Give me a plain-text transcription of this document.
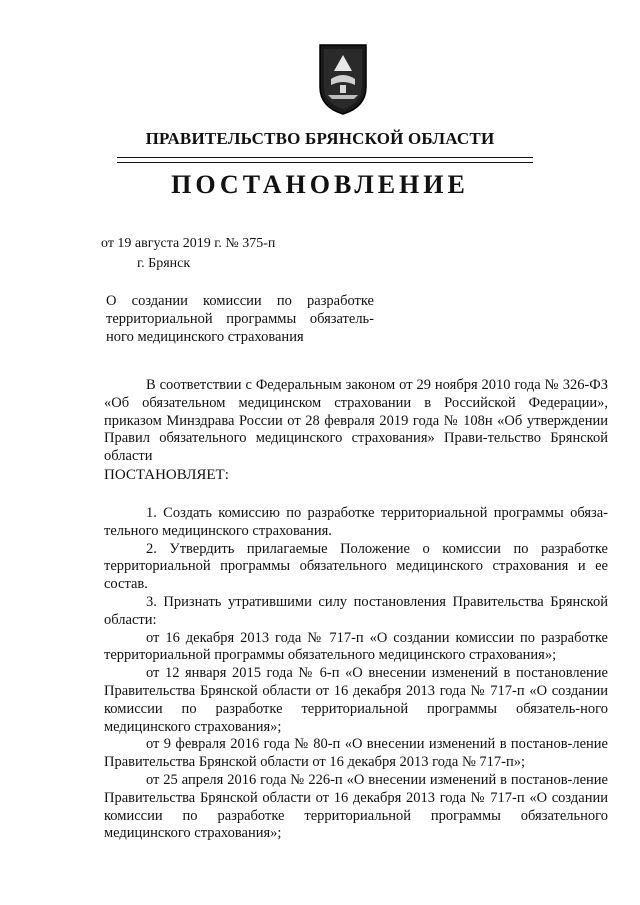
ПРАВИТЕЛЬСТВО БРЯНСКОЙ ОБЛАСТИ
ПОСТАНОВЛЕНИЕ
от 19 августа 2019 г. № 375-п
г. Брянск

О создании комиссии по разработке территориальной программы обязатель-ного медицинского страхования

В соответствии с Федеральным законом от 29 ноября 2010 года № 326-ФЗ «Об обязательном медицинском страховании в Российской Федерации», приказом Минздрава России от 28 февраля 2019 года № 108н «Об утверждении Правил обязательного медицинского страхования» Прави-тельство Брянской области

ПОСТАНОВЛЯЕТ:

1. Создать комиссию по разработке территориальной программы обяза-тельного медицинского страхования.

2. Утвердить прилагаемые Положение о комиссии по разработке территориальной программы обязательного медицинского страхования и ее состав.

3. Признать утратившими силу постановления Правительства Брянской области:

от 16 декабря 2013 года № 717-п «О создании комиссии по разработке территориальной программы обязательного медицинского страхования»;

от 12 января 2015 года № 6-п «О внесении изменений в постановление Правительства Брянской области от 16 декабря 2013 года № 717-п «О создании комиссии по разработке территориальной программы обязатель-ного медицинского страхования»;

от 9 февраля 2016 года № 80-п «О внесении изменений в постанов-ление Правительства Брянской области от 16 декабря 2013 года № 717-п»;

от 25 апреля 2016 года № 226-п «О внесении изменений в постанов-ление Правительства Брянской области от 16 декабря 2013 года № 717-п «О создании комиссии по разработке территориальной программы обязательного медицинского страхования»;
